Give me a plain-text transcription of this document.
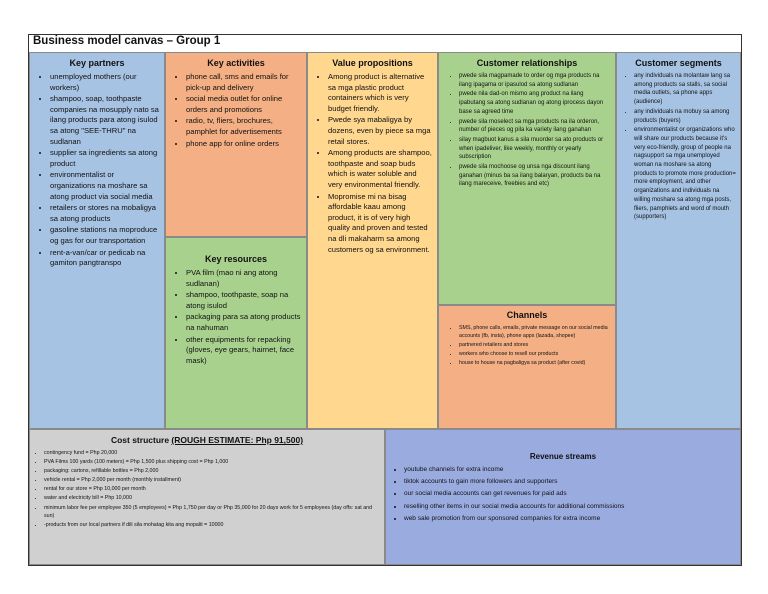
Business model canvas – Group 1
Key partners
• unemployed mothers (our workers)
• shampoo, soap, toothpaste companies na mosupply nato sa ilang products para atong isulod sa atong "SEE-THRU" na sudlanan
• supplier sa ingredients sa atong product
• environmentalist or organizations na moshare sa atong product via social media
• retailers or stores na mobaligya sa atong products
• gasoline stations na moproduce og gas for our transportation
• rent-a-van/car or pedicab na gamiton pangtranspo
Key activities
• phone call, sms and emails for pick-up and delivery
• social media outlet for online orders and promotions
• radio, tv, fliers, brochures, pamphlet for advertisements
• phone app for online orders
Key resources
• PVA film (mao ni ang atong sudlanan)
• shampoo, toothpaste, soap na atong isulod
• packaging para sa atong products na nahuman
• other equipments for repacking (gloves, eye gears, hairnet, face mask)
Value propositions
• Among product is alternative sa mga plastic product containers which is very budget friendly.
• Pwede sya mabaligya by dozens, even by piece sa mga retail stores.
• Among products are shampoo, toothpaste and soap buds which is water soluble and very environmental friendly.
• Mopromise mi na bisag affordable kaau among product, it is of very high quality and proven and tested na dli makaharm sa among customers og sa environment.
Customer relationships
• pwede sila magpamade to order og mga products na ilang ipagama or ipasulod sa atong sudlanan
• pwede nila dad-on mismo ang product na ilang ipabutang sa atong sudlanan og atong iprocess dayon base sa agreed time
• pwede sila moselect sa mga products na ila orderon, number of pieces og pila ka variety ilang ganahan
• silay magbuot kanus a sila muorder sa ato products or when ipadeliver, like weekly, monthly or yearly subscription
• pwede sila mochoose og unsa nga discount ilang ganahan (minus ba sa ilang balaryan, products ba na ilang mareceive, freebies and etc)
Channels
• SMS, phone calls, emails, private message on our social media accounts (fb, insta), phone apps (lazada, shopee)
• partnered retailers and stores
• workers who choose to resell our products
• house to house na pagbaligya sa product (after covid)
Customer segments
• any individuals na molantaw lang sa among products sa stalls, sa social media outlets, sa phone apps (audience)
• any individuals na mobuy sa among products (buyers)
• environmentalist or organizations who will share our products because it's very eco-friendly, group of people na nagsupport sa mga unemployed woman na moshare sa atong products to promote more production= more employment, and other organizations and individuals na willing moshare sa atong mga posts, fliers, pamphlets and word of mouth (supporters)
Cost structure (ROUGH ESTIMATE: Php 91,500)
• contingency fund = Php 20,000
• PVA Films 100 yards (100 meters) = Php 1,500 plus shipping cost = Php 1,000
• packaging: cartons, refillable bottles = Php 2,000
• vehicle rental = Php 2,000 per month (monthly installment)
• rental for our store = Php 10,000 per month
• water and electricity bill = Php 10,000
• minimum labor fee per employee 350 (5 employees) = Php 1,750 per day or Php 35,000 for 20 days work for 5 employees (day offs: sat and sun)
• -products from our local partners if dili sila mohatag kita ang mopalit = 10000
Revenue streams
• youtube channels for extra income
• tiktok accounts to gain more followers and supporters
• our social media accounts can get revenues for paid ads
• reselling other items in our social media accounts for additional commissions
• web sale promotion from our sponsored companies for extra income
